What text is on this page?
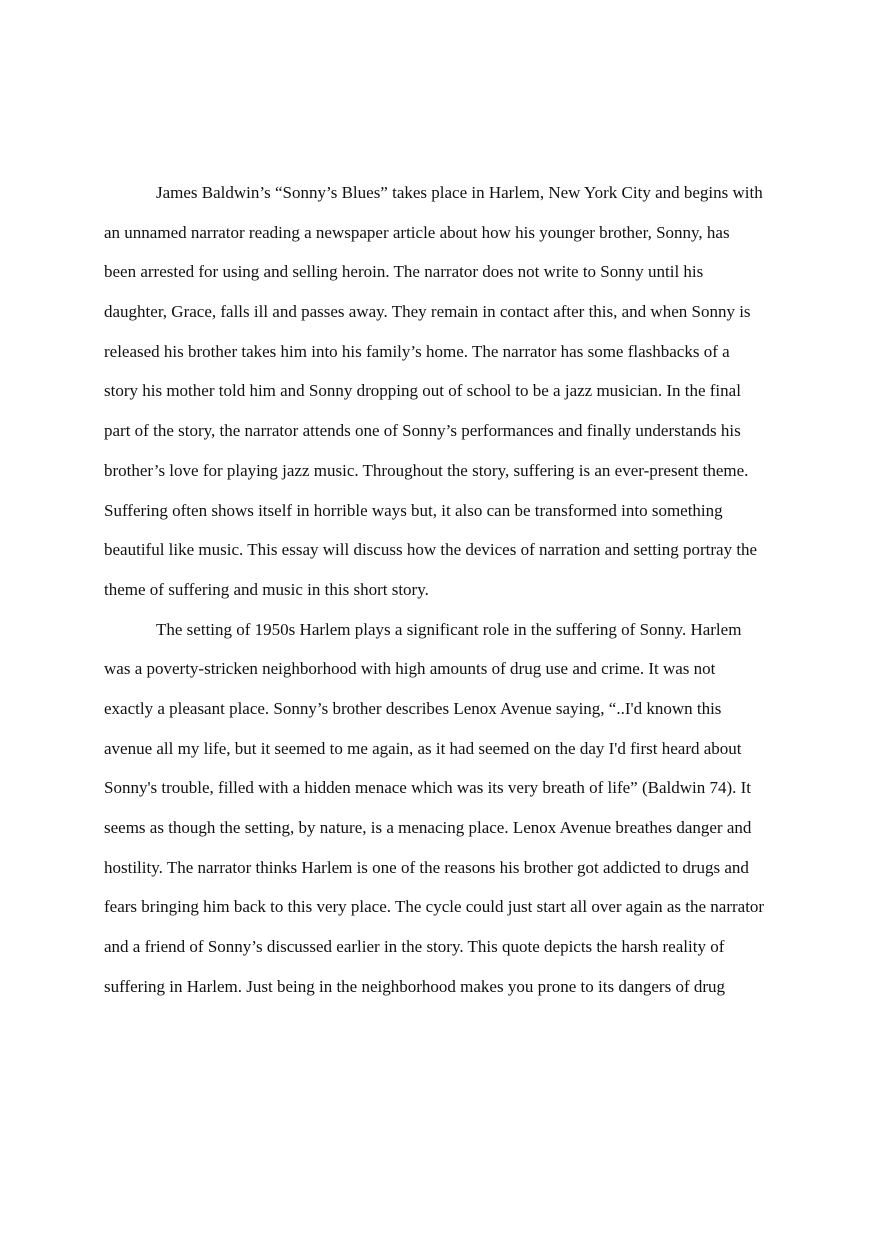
James Baldwin’s “Sonny’s Blues” takes place in Harlem, New York City and begins with
an unnamed narrator reading a newspaper article about how his younger brother, Sonny, has
been arrested for using and selling heroin. The narrator does not write to Sonny until his
daughter, Grace, falls ill and passes away. They remain in contact after this, and when Sonny is
released his brother takes him into his family’s home. The narrator has some flashbacks of a
story his mother told him and Sonny dropping out of school to be a jazz musician. In the final
part of the story, the narrator attends one of Sonny’s performances and finally understands his
brother’s love for playing jazz music. Throughout the story, suffering is an ever-present theme.
Suffering often shows itself in horrible ways but, it also can be transformed into something
beautiful like music. This essay will discuss how the devices of narration and setting portray the
theme of suffering and music in this short story.
The setting of 1950s Harlem plays a significant role in the suffering of Sonny. Harlem
was a poverty-stricken neighborhood with high amounts of drug use and crime. It was not
exactly a pleasant place. Sonny’s brother describes Lenox Avenue saying, “..I'd known this
avenue all my life, but it seemed to me again, as it had seemed on the day I'd first heard about
Sonny's trouble, filled with a hidden menace which was its very breath of life” (Baldwin 74). It
seems as though the setting, by nature, is a menacing place. Lenox Avenue breathes danger and
hostility. The narrator thinks Harlem is one of the reasons his brother got addicted to drugs and
fears bringing him back to this very place. The cycle could just start all over again as the narrator
and a friend of Sonny’s discussed earlier in the story. This quote depicts the harsh reality of
suffering in Harlem. Just being in the neighborhood makes you prone to its dangers of drug
